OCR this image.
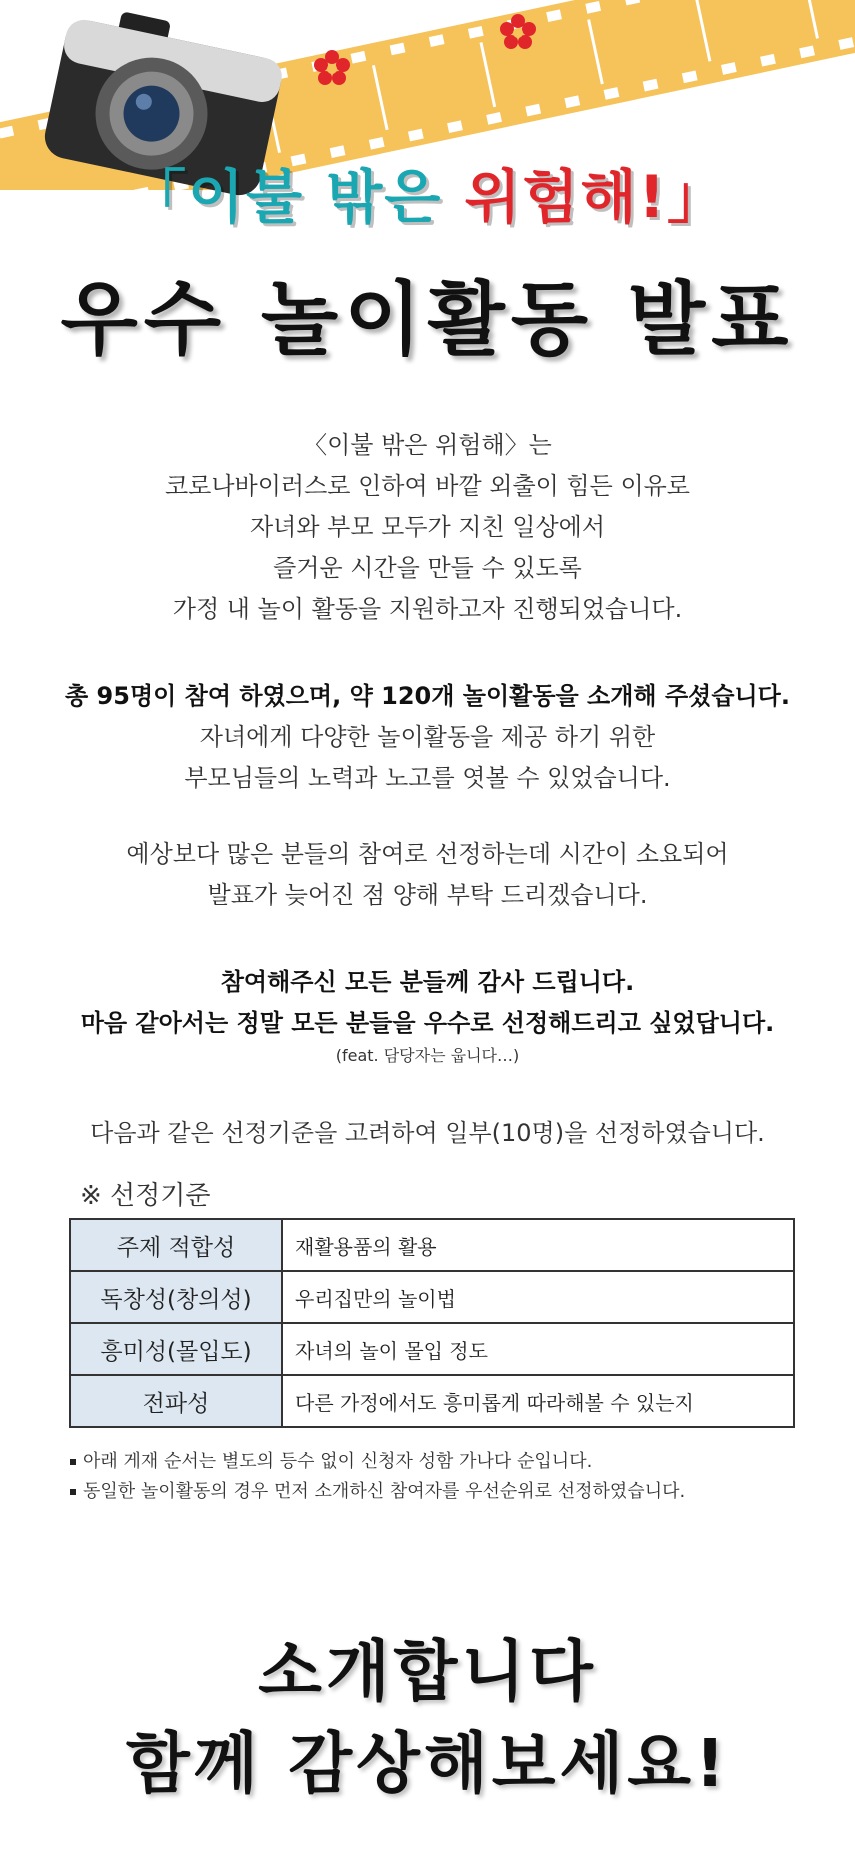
「이불 밖은 위험해!」
우수 놀이활동 발표
〈이불 밖은 위험해〉는
코로나바이러스로 인하여 바깥 외출이 힘든 이유로
자녀와 부모 모두가 지친 일상에서
즐거운 시간을 만들 수 있도록
가정 내 놀이 활동을 지원하고자 진행되었습니다.
총 95명이 참여 하였으며, 약 120개 놀이활동을 소개해 주셨습니다.
자녀에게 다양한 놀이활동을 제공 하기 위한
부모님들의 노력과 노고를 엿볼 수 있었습니다.
예상보다 많은 분들의 참여로 선정하는데 시간이 소요되어
발표가 늦어진 점 양해 부탁 드리겠습니다.
참여해주신 모든 분들께 감사 드립니다.
마음 같아서는 정말 모든 분들을 우수로 선정해드리고 싶었답니다.
(feat. 담당자는 웁니다…)
다음과 같은 선정기준을 고려하여 일부(10명)을 선정하였습니다.
※ 선정기준
주제 적합성	재활용품의 활용
독창성(창의성)	우리집만의 놀이법
흥미성(몰입도)	자녀의 놀이 몰입 정도
전파성	다른 가정에서도 흥미롭게 따라해볼 수 있는지
아래 게재 순서는 별도의 등수 없이 신청자 성함 가나다 순입니다.
동일한 놀이활동의 경우 먼저 소개하신 참여자를 우선순위로 선정하였습니다.
소개합니다
함께 감상해보세요!
